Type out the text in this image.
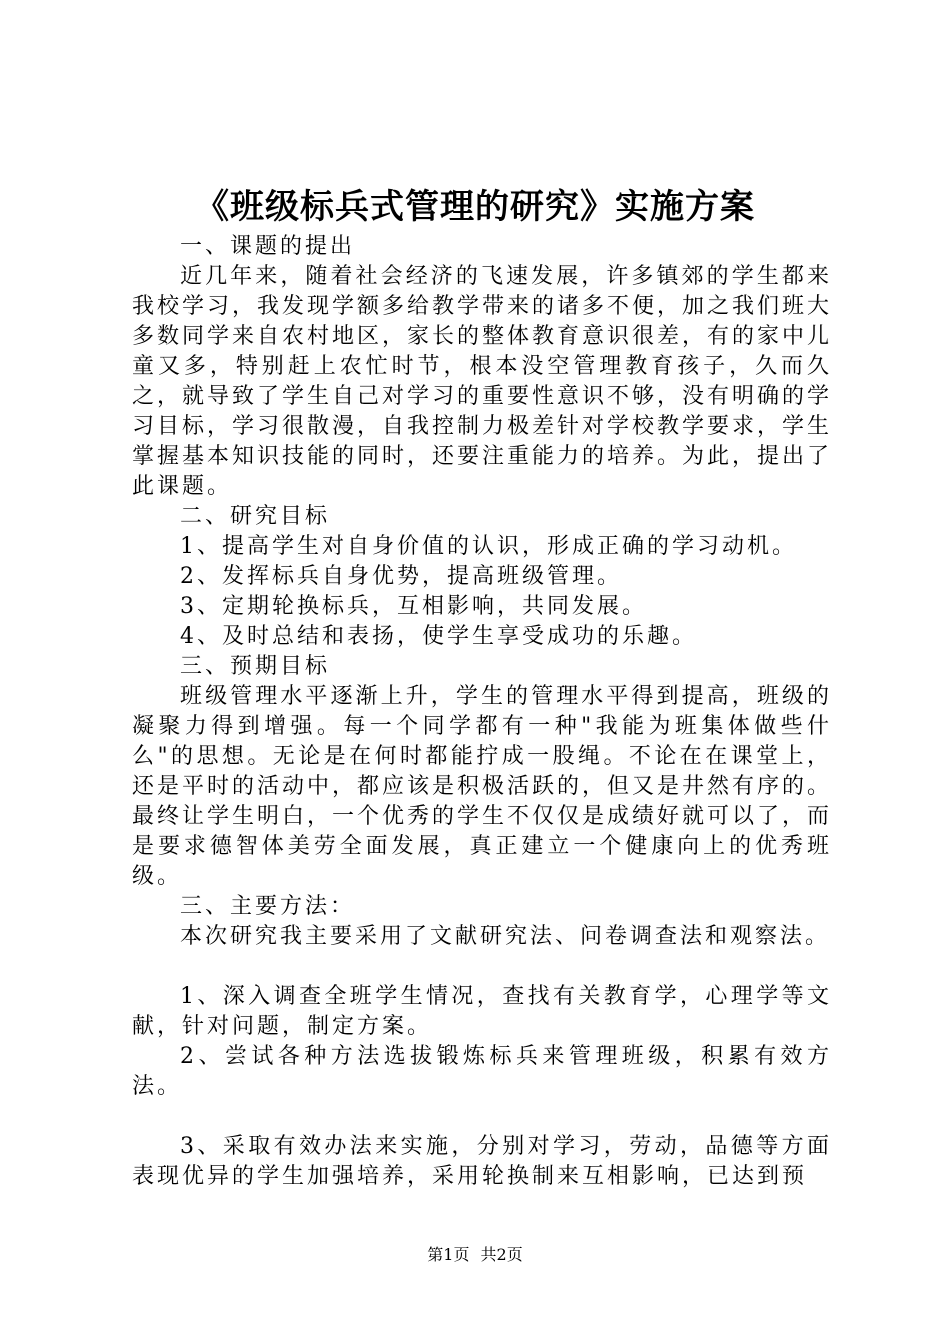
《班级标兵式管理的研究》实施方案
一、课题的提出

近几年来，随着社会经济的飞速发展，许多镇郊的学生都来我校学习，我发现学额多给教学带来的诸多不便，加之我们班大多数同学来自农村地区，家长的整体教育意识很差，有的家中儿童又多，特别赶上农忙时节，根本没空管理教育孩子，久而久之，就导致了学生自己对学习的重要性意识不够，没有明确的学习目标，学习很散漫，自我控制力极差针对学校教学要求，学生掌握基本知识技能的同时，还要注重能力的培养。为此，提出了此课题。

二、研究目标

1、提高学生对自身价值的认识，形成正确的学习动机。

2、发挥标兵自身优势，提高班级管理。

3、定期轮换标兵，互相影响，共同发展。

4、及时总结和表扬，使学生享受成功的乐趣。

三、预期目标

班级管理水平逐渐上升，学生的管理水平得到提高，班级的凝聚力得到增强。每一个同学都有一种"我能为班集体做些什么"的思想。无论是在何时都能拧成一股绳。不论在在课堂上，还是平时的活动中，都应该是积极活跃的，但又是井然有序的。最终让学生明白，一个优秀的学生不仅仅是成绩好就可以了，而是要求德智体美劳全面发展，真正建立一个健康向上的优秀班级。

三、主要方法：

本次研究我主要采用了文献研究法、问卷调查法和观察法。

1、深入调查全班学生情况，查找有关教育学，心理学等文献，针对问题，制定方案。

2、尝试各种方法选拔锻炼标兵来管理班级，积累有效方法。

3、采取有效办法来实施，分别对学习，劳动，品德等方面表现优异的学生加强培养，采用轮换制来互相影响，已达到预

第1页 共2页
